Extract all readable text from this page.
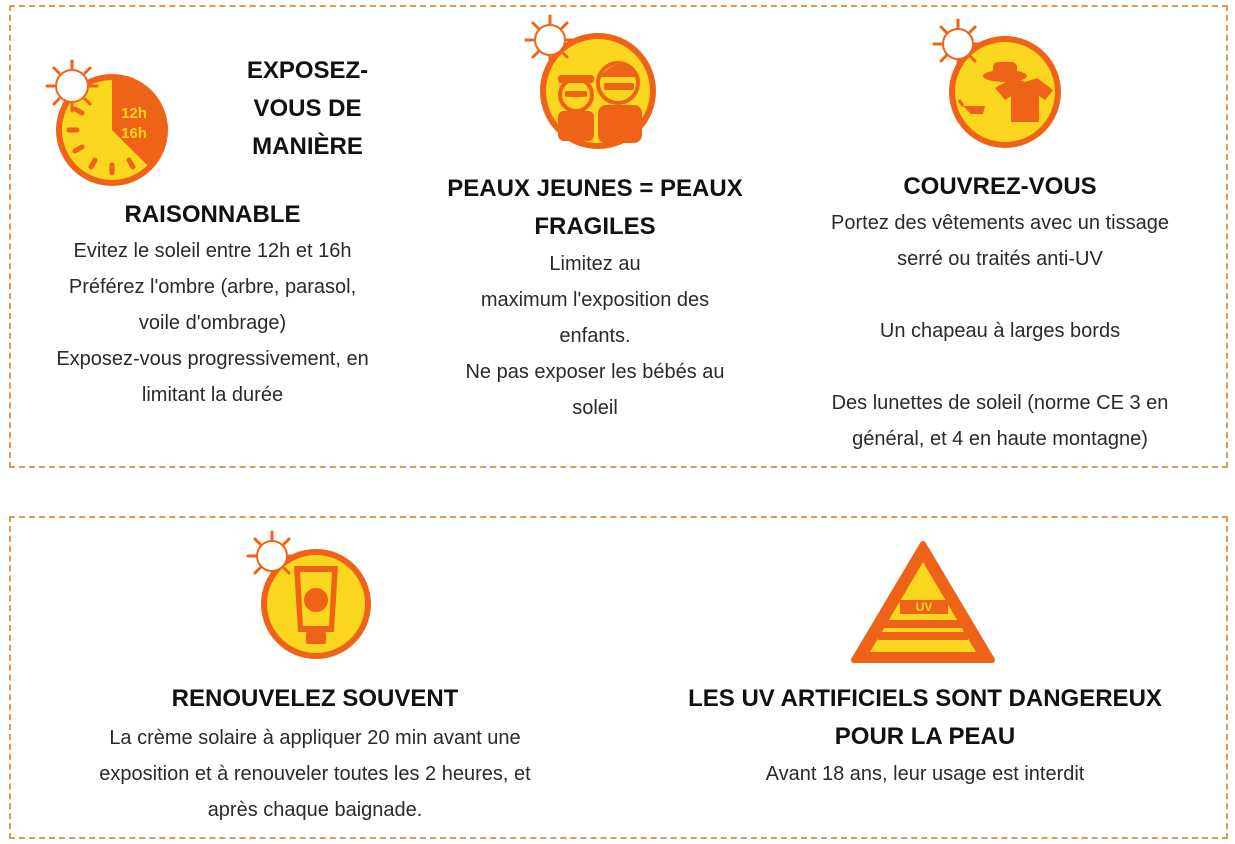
12h
16h
EXPOSEZ-
VOUS DE
MANIÈRE
RAISONNABLE
Evitez le soleil entre 12h et 16h
Préférez l'ombre (arbre, parasol,
voile d'ombrage)
Exposez-vous progressivement, en
limitant la durée
PEAUX JEUNES = PEAUX
FRAGILES
Limitez au
maximum l'exposition des
enfants.
Ne pas exposer les bébés au
soleil
COUVREZ-VOUS
Portez des vêtements avec un tissage
serré ou traités anti-UV
Un chapeau à larges bords
Des lunettes de soleil (norme CE 3 en
général, et 4 en haute montagne)
RENOUVELEZ SOUVENT
La crème solaire à appliquer 20 min avant une
exposition et à renouveler toutes les 2 heures, et
après chaque baignade.
UV
LES UV ARTIFICIELS SONT DANGEREUX
POUR LA PEAU
Avant 18 ans, leur usage est interdit
